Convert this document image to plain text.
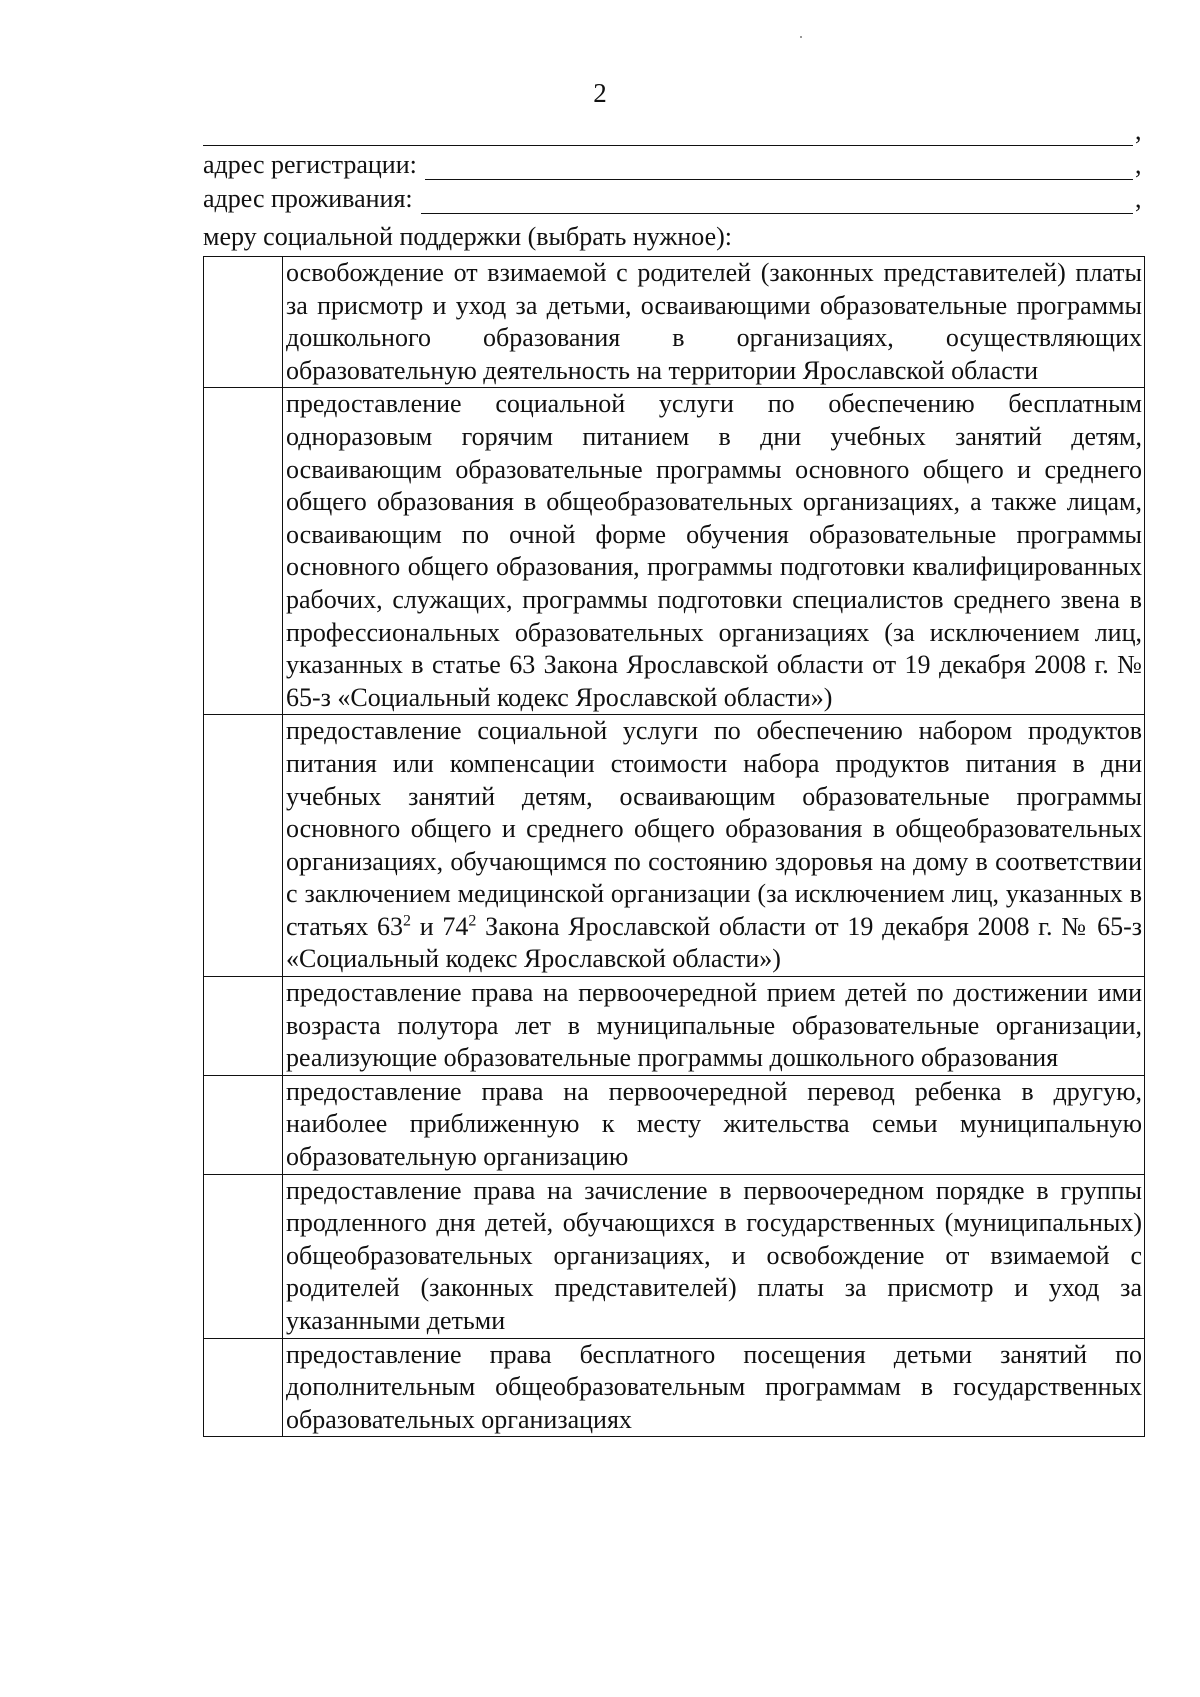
2
,
адрес регистрации:	,
адрес проживания:	,
меру социальной поддержки (выбрать нужное):
	освобождение от взимаемой с родителей (законных представителей) платы за присмотр и уход за детьми, осваивающими образовательные программы дошкольного образования в организациях, осуществляющих образовательную деятельность на территории Ярославской области
	предоставление социальной услуги по обеспечению бесплатным одноразовым горячим питанием в дни учебных занятий детям, осваивающим образовательные программы основного общего и среднего общего образования в общеобразовательных организациях, а также лицам, осваивающим по очной форме обучения образовательные программы основного общего образования, программы подготовки квалифицированных рабочих, служащих, программы подготовки специалистов среднего звена в профессиональных образовательных организациях (за исключением лиц, указанных в статье 63 Закона Ярославской области от 19 декабря 2008 г. № 65-з «Социальный кодекс Ярославской области»)
	предоставление социальной услуги по обеспечению набором продуктов питания или компенсации стоимости набора продуктов питания в дни учебных занятий детям, осваивающим образовательные программы основного общего и среднего общего образования в общеобразовательных организациях, обучающимся по состоянию здоровья на дому в соответствии с заключением медицинской организации (за исключением лиц, указанных в статьях $63^2$ и $74^2$ Закона Ярославской области от 19 декабря 2008 г. № 65-з «Социальный кодекс Ярославской области»)
	предоставление права на первоочередной прием детей по достижении ими возраста полутора лет в муниципальные образовательные организации, реализующие образовательные программы дошкольного образования
	предоставление права на первоочередной перевод ребенка в другую, наиболее приближенную к месту жительства семьи муниципальную образовательную организацию
	предоставление права на зачисление в первоочередном порядке в группы продленного дня детей, обучающихся в государственных (муниципальных) общеобразовательных организациях, и освобождение от взимаемой с родителей (законных представителей) платы за присмотр и уход за указанными детьми
	предоставление права бесплатного посещения детьми занятий по дополнительным общеобразовательным программам в государственных образовательных организациях
